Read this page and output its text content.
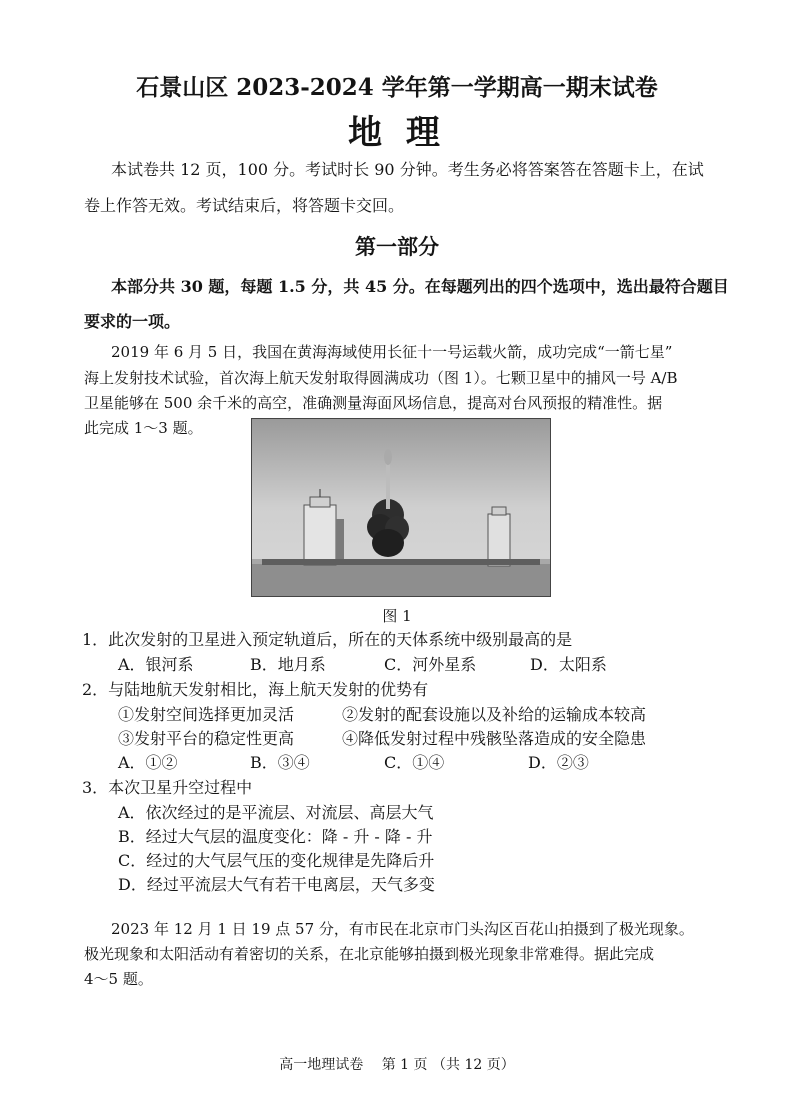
石景山区 2023-2024 学年第一学期高一期末试卷
地 理
本试卷共 12 页，100 分。考试时长 90 分钟。考生务必将答案答在答题卡上，在试
卷上作答无效。考试结束后，将答题卡交回。
第一部分
本部分共 30 题，每题 1.5 分，共 45 分。在每题列出的四个选项中，选出最符合题目
要求的一项。
2019 年 6 月 5 日，我国在黄海海域使用长征十一号运载火箭，成功完成“一箭七星”
海上发射技术试验，首次海上航天发射取得圆满成功（图 1）。七颗卫星中的捕风一号 A/B
卫星能够在 500 余千米的高空，准确测量海面风场信息，提高对台风预报的精准性。据
此完成 1～3 题。
图 1
1．此次发射的卫星进入预定轨道后，所在的天体系统中级别最高的是
A．银河系	B．地月系	C．河外星系	D．太阳系
2．与陆地航天发射相比，海上航天发射的优势有
①发射空间选择更加灵活	②发射的配套设施以及补给的运输成本较高
③发射平台的稳定性更高	④降低发射过程中残骸坠落造成的安全隐患
A．①②	B．③④	C．①④	D．②③
3．本次卫星升空过程中
A．依次经过的是平流层、对流层、高层大气
B．经过大气层的温度变化：降 - 升 - 降 - 升
C．经过的大气层气压的变化规律是先降后升
D．经过平流层大气有若干电离层，天气多变
2023 年 12 月 1 日 19 点 57 分，有市民在北京市门头沟区百花山拍摄到了极光现象。
极光现象和太阳活动有着密切的关系，在北京能够拍摄到极光现象非常难得。据此完成
4～5 题。
高一地理试卷　 第 1 页 （共 12 页）
